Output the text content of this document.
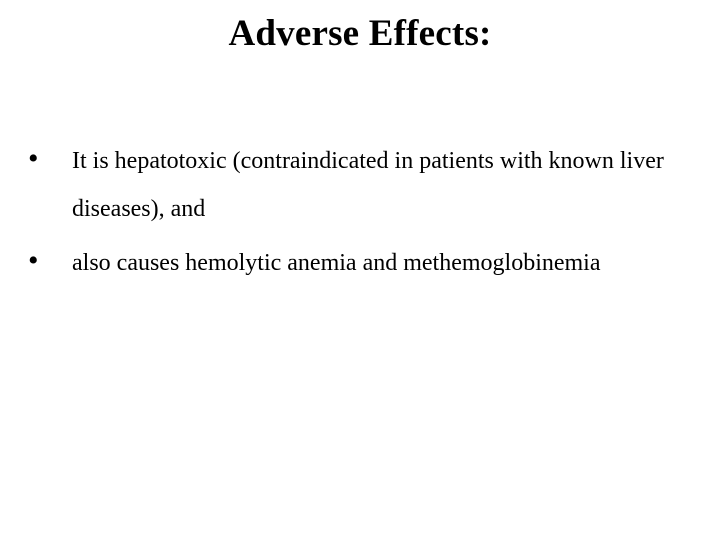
Adverse Effects:
• It is hepatotoxic (contraindicated in patients with known liver diseases), and
• also causes hemolytic anemia and methemoglobinemia
